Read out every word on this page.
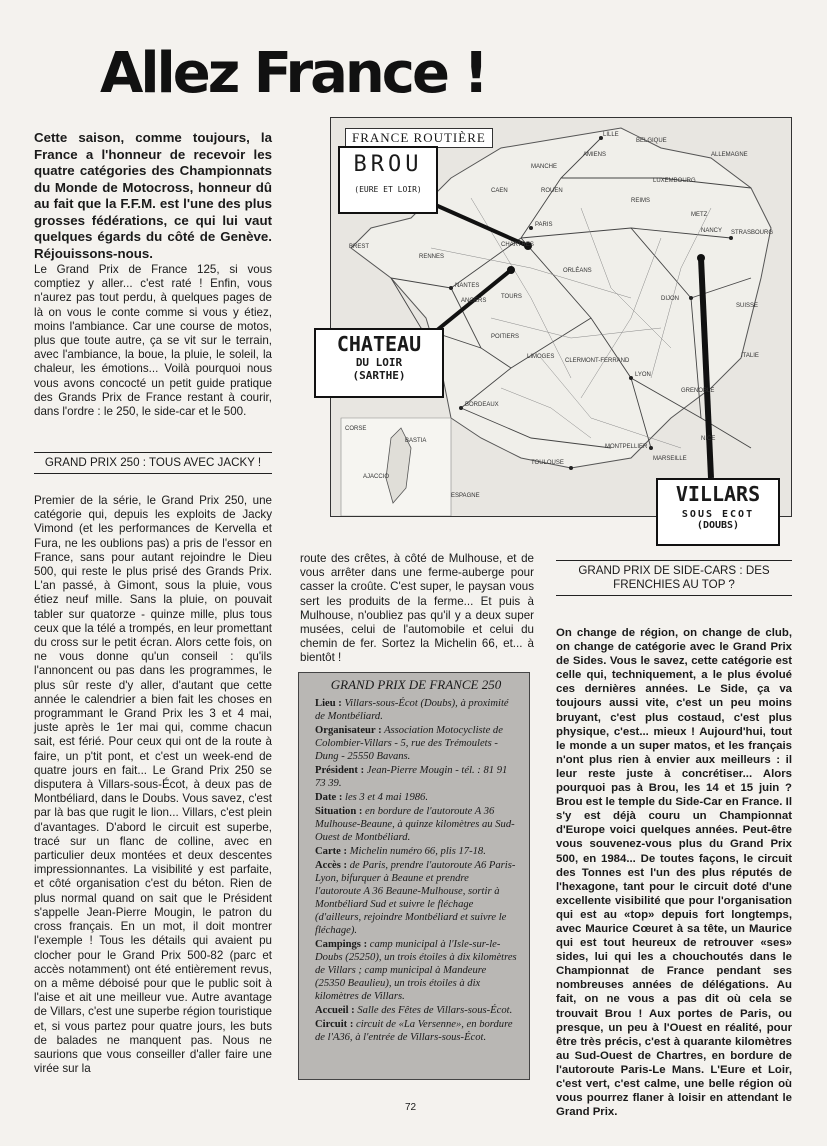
Allez France !
Cette saison, comme toujours, la France a l'honneur de recevoir les quatre catégories des Championnats du Monde de Motocross, honneur dû au fait que la F.F.M. est l'une des plus grosses fédérations, ce qui lui vaut quelques égards du côté de Genève. Réjouissons-nous.

Le Grand Prix de France 125, si vous comptiez y aller... c'est raté ! Enfin, vous n'aurez pas tout perdu, à quelques pages de là on vous le conte comme si vous y étiez, moins l'ambiance. Car une course de motos, plus que toute autre, ça se vit sur le terrain, avec l'ambiance, la boue, la pluie, le soleil, la chaleur, les émotions... Voilà pourquoi nous vous avons concocté un petit guide pratique des Grands Prix de France restant à courir, dans l'ordre : le 250, le side-car et le 500.

GRAND PRIX 250 : TOUS AVEC JACKY !

Premier de la série, le Grand Prix 250, une catégorie qui, depuis les exploits de Jacky Vimond (et les performances de Kervella et Fura, ne les oublions pas) a pris de l'essor en France, sans pour autant rejoindre le Dieu 500, qui reste le plus prisé des Grands Prix. L'an passé, à Gimont, sous la pluie, vous étiez neuf mille. Sans la pluie, on pouvait tabler sur quatorze - quinze mille, plus tous ceux que la télé a trompés, en leur promettant du cross sur le petit écran. Alors cette fois, on ne vous donne qu'un conseil : qu'ils l'annoncent ou pas dans les programmes, le plus sûr reste d'y aller, d'autant que cette année le calendrier a bien fait les choses en programmant le Grand Prix les 3 et 4 mai, juste après le 1er mai qui, comme chacun sait, est férié. Pour ceux qui ont de la route à faire, un p'tit pont, et c'est un week-end de quatre jours en fait... Le Grand Prix 250 se disputera à Villars-sous-Écot, à deux pas de Montbéliard, dans le Doubs. Vous savez, c'est par là bas que rugit le lion... Villars, c'est plein d'avantages. D'abord le circuit est superbe, tracé sur un flanc de colline, avec en particulier deux montées et deux descentes impressionnantes. La visibilité y est parfaite, et côté organisation c'est du béton. Rien de plus normal quand on sait que le Président s'appelle Jean-Pierre Mougin, le patron du cross français. En un mot, il doit montrer l'exemple ! Tous les détails qui avaient pu clocher pour le Grand Prix 500-82 (parc et accès notamment) ont été entièrement revus, on a même déboisé pour que le public soit à l'aise et ait une meilleur vue. Autre avantage de Villars, c'est une superbe région touristique et, si vous partez pour quatre jours, les buts de balades ne manquent pas. Nous ne saurions que vous conseiller d'aller faire une virée sur la

FRANCE ROUTIÈRE
MANCHE
BELGIQUE
ALLEMAGNE
LUXEMBOURG
SUISSE
ITALIE
ESPAGNE
CORSE
PARIS
LYON
BORDEAUX
NANTES
TOULOUSE
MARSEILLE
STRASBOURG
METZ
NANCY
LILLE
BREST
ROUEN
DIJON
MONTPELLIER
LIMOGES
CLERMONT-FERRAND
TOURS
ORLÉANS
NICE
RENNES
CHARTRES
ANGERS
POITIERS
REIMS
GRENOBLE
AJACCIO
BASTIA
AMIENS
CAEN
BROU
(EURE ET LOIR)
CHATEAU
DU LOIR
(SARTHE)
VILLARS
SOUS ECOT
(DOUBS)

route des crêtes, à côté de Mulhouse, et de vous arrêter dans une ferme-auberge pour casser la croûte. C'est super, le paysan vous sert les produits de la ferme... Et puis à Mulhouse, n'oubliez pas qu'il y a deux super musées, celui de l'automobile et celui du chemin de fer. Sortez la Michelin 66, et... à bientôt !

GRAND PRIX DE FRANCE 250
Lieu : Villars-sous-Écot (Doubs), à proximité de Montbéliard.
Organisateur : Association Motocycliste de Colombier-Villars - 5, rue des Trémoulets - Dung - 25550 Bavans.
Président : Jean-Pierre Mougin - tél. : 81 91 73 39.
Date : les 3 et 4 mai 1986.
Situation : en bordure de l'autoroute A 36 Mulhouse-Beaune, à quinze kilomètres au Sud-Ouest de Montbéliard.
Carte : Michelin numéro 66, plis 17-18.
Accès : de Paris, prendre l'autoroute A6 Paris-Lyon, bifurquer à Beaune et prendre l'autoroute A 36 Beaune-Mulhouse, sortir à Montbéliard Sud et suivre le fléchage (d'ailleurs, rejoindre Montbéliard et suivre le fléchage).
Campings : camp municipal à l'Isle-sur-le-Doubs (25250), un trois étoiles à dix kilomètres de Villars ; camp municipal à Mandeure (25350 Beaulieu), un trois étoiles à dix kilomètres de Villars.
Accueil : Salle des Fêtes de Villars-sous-Écot.
Circuit : circuit de «La Versenne», en bordure de l'A36, à l'entrée de Villars-sous-Écot.
GRAND PRIX DE SIDE-CARS : DES FRENCHIES AU TOP ?

On change de région, on change de club, on change de catégorie avec le Grand Prix de Sides. Vous le savez, cette catégorie est celle qui, techniquement, a le plus évolué ces dernières années. Le Side, ça va toujours aussi vite, c'est un peu moins bruyant, c'est plus costaud, c'est plus physique, c'est... mieux ! Aujourd'hui, tout le monde a un super matos, et les français n'ont plus rien à envier aux meilleurs : il leur reste juste à concrétiser... Alors pourquoi pas à Brou, les 14 et 15 juin ? Brou est le temple du Side-Car en France. Il s'y est déjà couru un Championnat d'Europe voici quelques années. Peut-être vous souvenez-vous plus du Grand Prix 500, en 1984... De toutes façons, le circuit des Tonnes est l'un des plus réputés de l'hexagone, tant pour le circuit doté d'une excellente visibilité que pour l'organisation qui est au «top» depuis fort longtemps, avec Maurice Cœuret à sa tête, un Maurice qui est tout heureux de retrouver «ses» sides, lui qui les a chouchoutés dans le Championnat de France pendant ses nombreuses années de délégations. Au fait, on ne vous a pas dit où cela se trouvait Brou ! Aux portes de Paris, ou presque, un peu à l'Ouest en réalité, pour être très précis, c'est à quarante kilomètres au Sud-Ouest de Chartres, en bordure de l'autoroute Paris-Le Mans. L'Eure et Loir, c'est vert, c'est calme, une belle région où vous pourrez flaner à loisir en attendant le Grand Prix.

72
